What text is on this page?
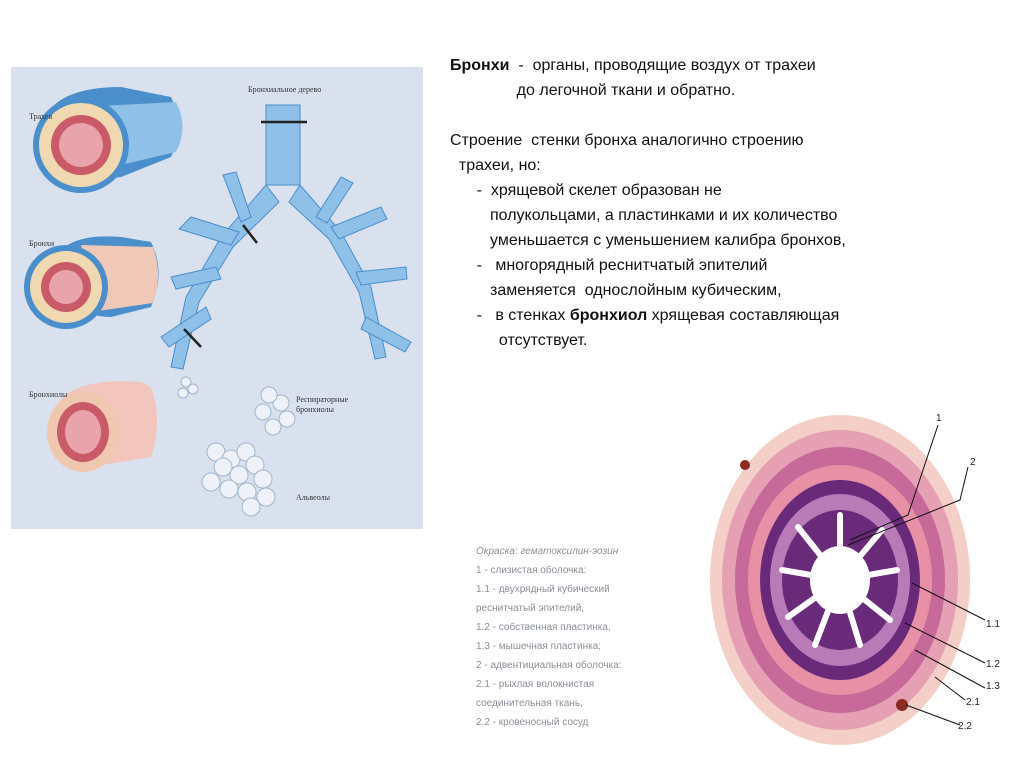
Трахея
Бронхиальное дерево
Бронхи
Бронхиолы
Респираторные
бронхиолы
Альвеолы

Бронхи  -  органы, проводящие воздух от трахеи

до легочной ткани и обратно.

Строение  стенки бронха аналогично строению

трахеи, но:

-  хрящевой скелет образован не

полукольцами, а пластинками и их количество

уменьшается с уменьшением калибра бронхов,

-   многорядный реснитчатый эпителий

заменяется  однослойным кубическим,

-   в стенках бронхиол хрящевая составляющая

отсутствует.

Окраска: гематоксилин-эозин

1 - слизистая оболочка:

1.1 - двухрядный кубический

реснитчатый эпителий,

1.2 - собственная пластинка,

1.3 - мышечная пластинка;

2 - адвентициальная оболочка:

2.1 - рыхлая волокнистая

соединительная ткань,

2.2 - кровеносный сосуд

1
2
1.1
1.2
1.3
2.1
2.2
